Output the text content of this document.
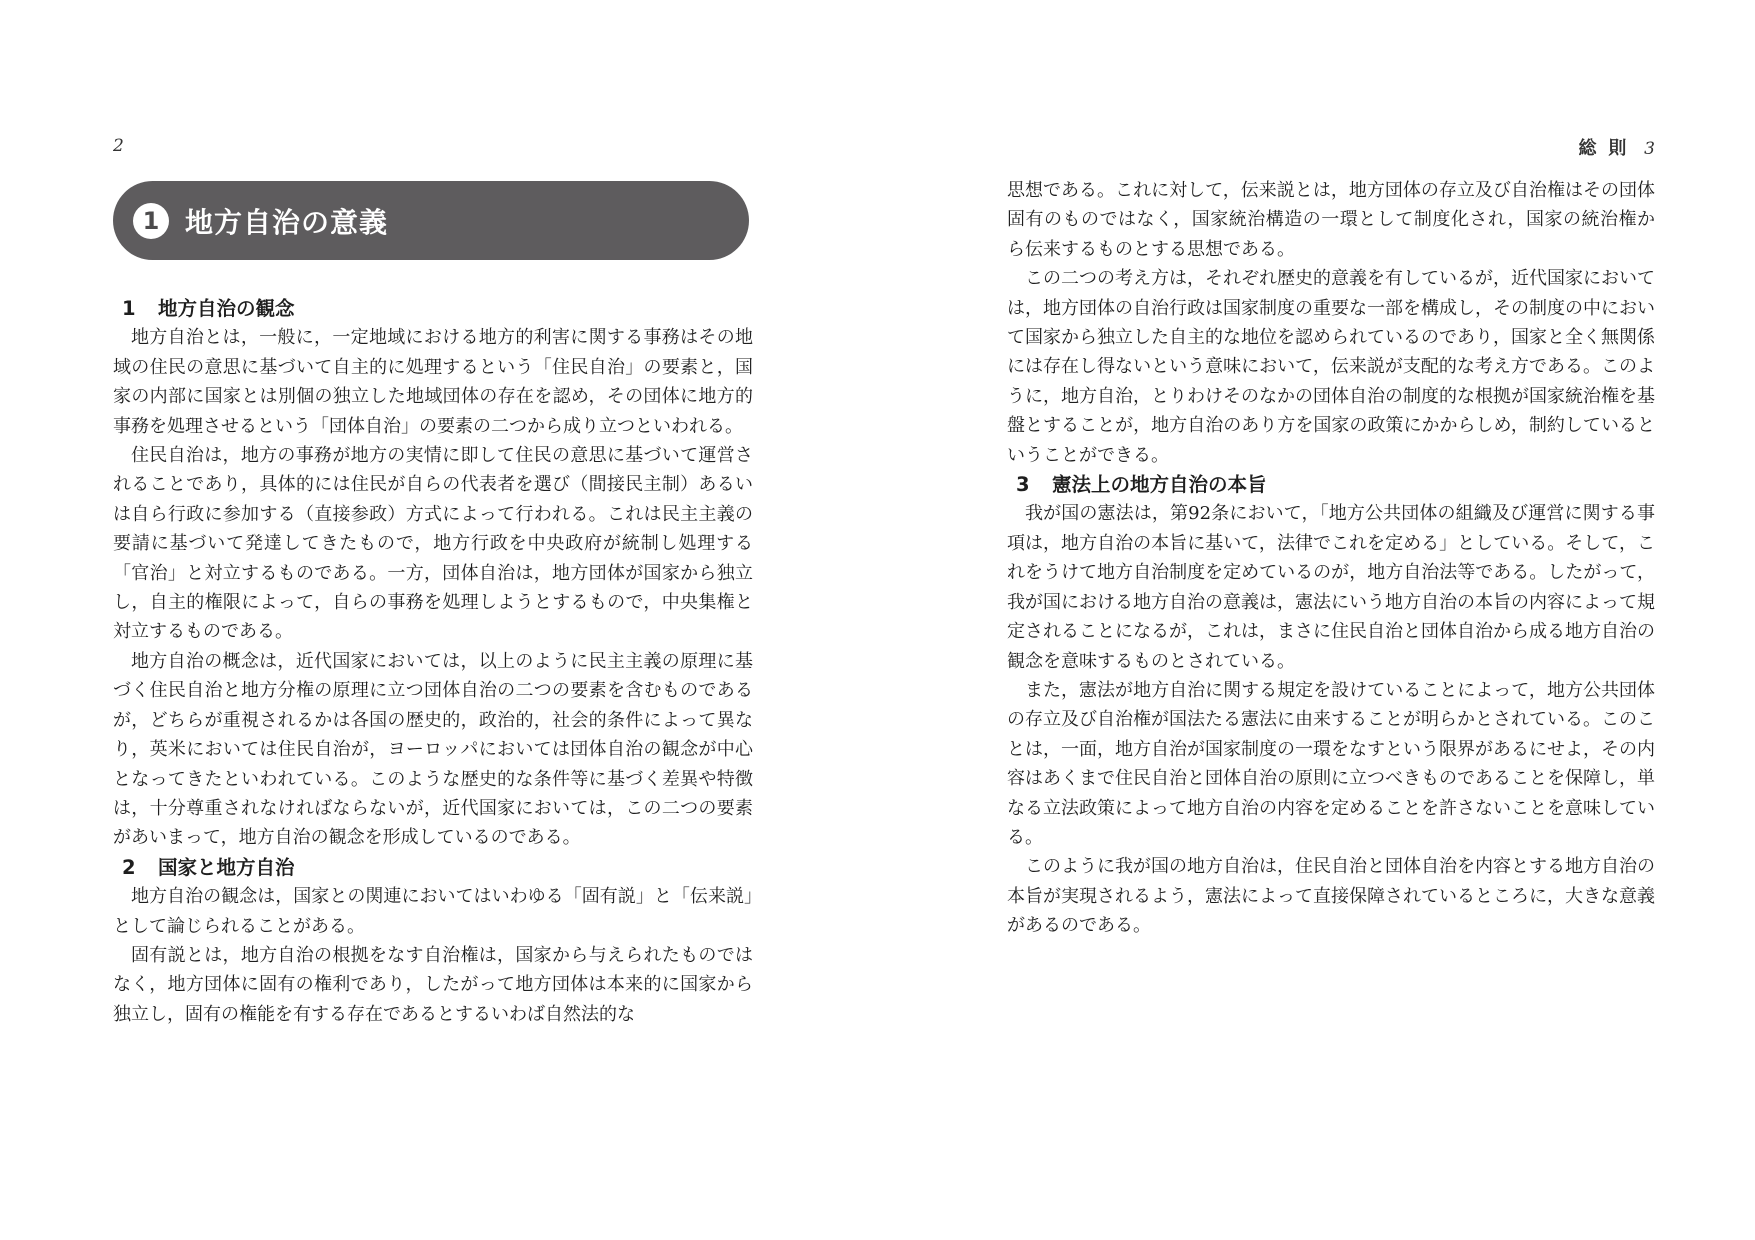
2
1 地方自治の意義
1 地方自治の観念

地方自治とは，一般に，一定地域における地方的利害に関する事務はその地域の住民の意思に基づいて自主的に処理するという「住民自治」の要素と，国家の内部に国家とは別個の独立した地域団体の存在を認め，その団体に地方的事務を処理させるという「団体自治」の要素の二つから成り立つといわれる。

住民自治は，地方の事務が地方の実情に即して住民の意思に基づいて運営されることであり，具体的には住民が自らの代表者を選び（間接民主制）あるいは自ら行政に参加する（直接参政）方式によって行われる。これは民主主義の要請に基づいて発達してきたもので，地方行政を中央政府が統制し処理する「官治」と対立するものである。一方，団体自治は，地方団体が国家から独立し，自主的権限によって，自らの事務を処理しようとするもので，中央集権と対立するものである。

地方自治の概念は，近代国家においては，以上のように民主主義の原理に基づく住民自治と地方分権の原理に立つ団体自治の二つの要素を含むものであるが，どちらが重視されるかは各国の歴史的，政治的，社会的条件によって異なり，英米においては住民自治が，ヨーロッパにおいては団体自治の観念が中心となってきたといわれている。このような歴史的な条件等に基づく差異や特徴は，十分尊重されなければならないが，近代国家においては，この二つの要素があいまって，地方自治の観念を形成しているのである。

2 国家と地方自治

地方自治の観念は，国家との関連においてはいわゆる「固有説」と「伝来説」として論じられることがある。

固有説とは，地方自治の根拠をなす自治権は，国家から与えられたものではなく，地方団体に固有の権利であり，したがって地方団体は本来的に国家から独立し，固有の権能を有する存在であるとするいわば自然法的な

総則 3

思想である。これに対して，伝来説とは，地方団体の存立及び自治権はその団体固有のものではなく，国家統治構造の一環として制度化され，国家の統治権から伝来するものとする思想である。

この二つの考え方は，それぞれ歴史的意義を有しているが，近代国家においては，地方団体の自治行政は国家制度の重要な一部を構成し，その制度の中において国家から独立した自主的な地位を認められているのであり，国家と全く無関係には存在し得ないという意味において，伝来説が支配的な考え方である。このように，地方自治，とりわけそのなかの団体自治の制度的な根拠が国家統治権を基盤とすることが，地方自治のあり方を国家の政策にかからしめ，制約しているということができる。

3 憲法上の地方自治の本旨

我が国の憲法は，第92条において，「地方公共団体の組織及び運営に関する事項は，地方自治の本旨に基いて，法律でこれを定める」としている。そして，これをうけて地方自治制度を定めているのが，地方自治法等である。したがって，我が国における地方自治の意義は，憲法にいう地方自治の本旨の内容によって規定されることになるが，これは，まさに住民自治と団体自治から成る地方自治の観念を意味するものとされている。

また，憲法が地方自治に関する規定を設けていることによって，地方公共団体の存立及び自治権が国法たる憲法に由来することが明らかとされている。このことは，一面，地方自治が国家制度の一環をなすという限界があるにせよ，その内容はあくまで住民自治と団体自治の原則に立つべきものであることを保障し，単なる立法政策によって地方自治の内容を定めることを許さないことを意味している。

このように我が国の地方自治は，住民自治と団体自治を内容とする地方自治の本旨が実現されるよう，憲法によって直接保障されているところに，大きな意義があるのである。
